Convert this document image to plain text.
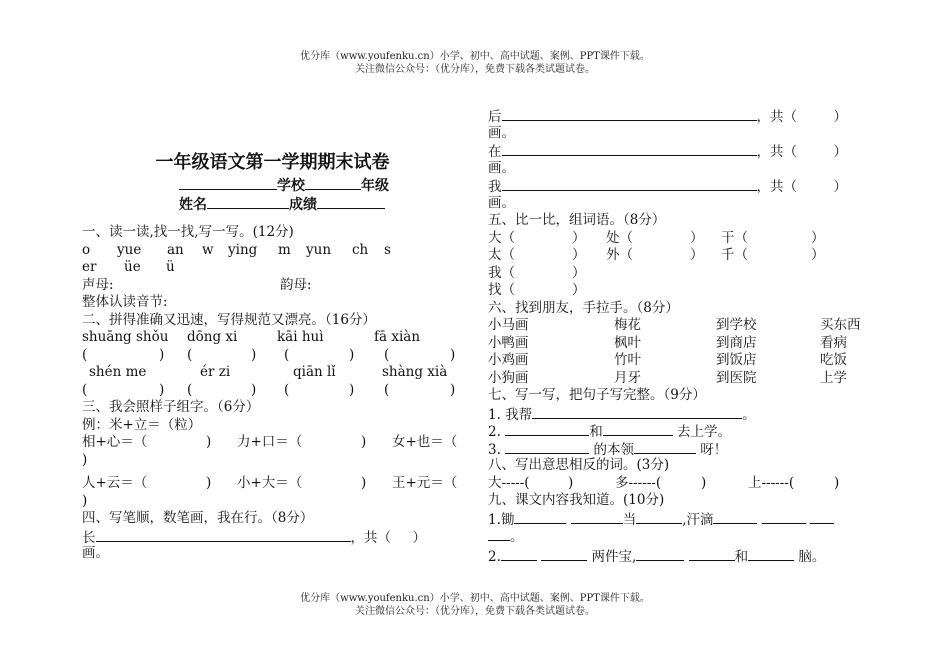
优分库（www.youfenku.cn）小学、初中、高中试题、案例、PPT课件下载。
关注微信公众号：（优分库），免费下载各类试题试卷。
一年级语文第一学期期末试卷
学校	年级
姓名	成绩
一、读一读,找一找,写一写。(12分)
o yue an w ying m yun ch s
er üe ü
声母:	韵母:
整体认读音节:
二、拼得准确又迅速，写得规范又漂亮。（16分）
shuāng shǒu dōng xi	kāi huì	fā xiàn
(	) (	) (	) (	)
shén me	ér zi	qiān lǐ	shàng xià
(	) (	) (	) (	)
三、我会照样子组字。（6分）
例：米+立＝（粒）
相+心＝（	) 力+口＝（	) 女+也＝（
)
人+云＝（	) 小+大＝（	) 王+元＝（
)
四、写笔顺，数笔画，我在行。（8分）
长	，共（ ）
画。
后	，共（	）
画。
在	，共（	）
画。
我	，共（	）
画。
五、比一比，组词语。（8分）
大（	） 处（	） 干（	）
太（	） 外（	） 千（	）
我（	）
找（	）
六、找到朋友，手拉手。（8分）
小马画	梅花	到学校	买东西
小鸭画	枫叶	到商店	看病
小鸡画	竹叶	到饭店	吃饭
小狗画	月牙	到医院	上学
七、写一写，把句子写完整。（9分）
1. 我帮	。
2.	和	去上学。
3.	的本领	呀！
八、写出意思相反的词。(3分)
大-----(	)	多------(	)	上------(	)
九、课文内容我知道。(10分)
1.锄	当	,汗滴
。
2.	两件宝,	和	脑。
优分库（www.youfenku.cn）小学、初中、高中试题、案例、PPT课件下载。
关注微信公众号：（优分库），免费下载各类试题试卷。
